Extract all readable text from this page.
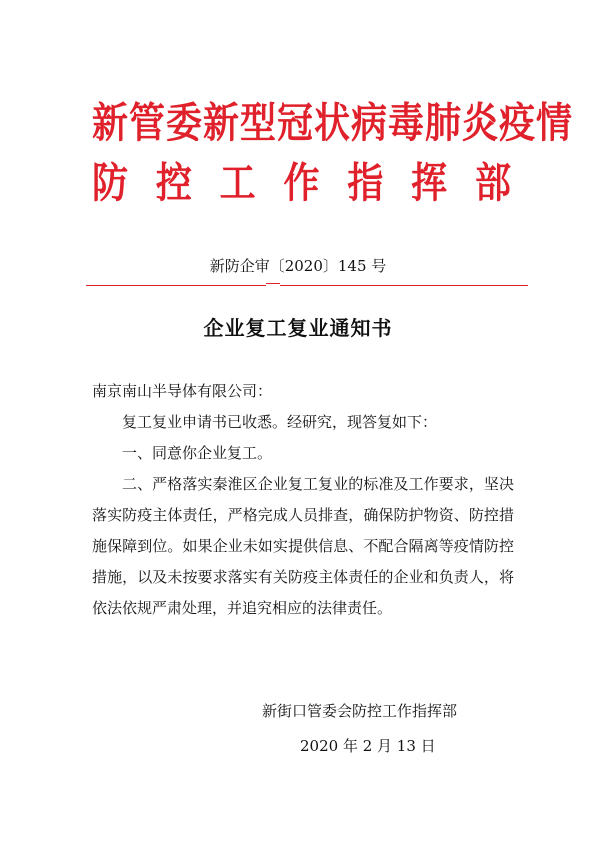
新管委新型冠状病毒肺炎疫情
防 控 工 作 指 挥 部
新防企审〔2020〕145 号
企业复工复业通知书
南京南山半导体有限公司：

复工复业申请书已收悉。经研究，现答复如下：

一、同意你企业复工。

二、严格落实秦淮区企业复工复业的标准及工作要求，坚决落实防疫主体责任，严格完成人员排查，确保防护物资、防控措施保障到位。如果企业未如实提供信息、不配合隔离等疫情防控措施，以及未按要求落实有关防疫主体责任的企业和负责人，将依法依规严肃处理，并追究相应的法律责任。

新街口管委会防控工作指挥部
2020 年 2 月 13 日
